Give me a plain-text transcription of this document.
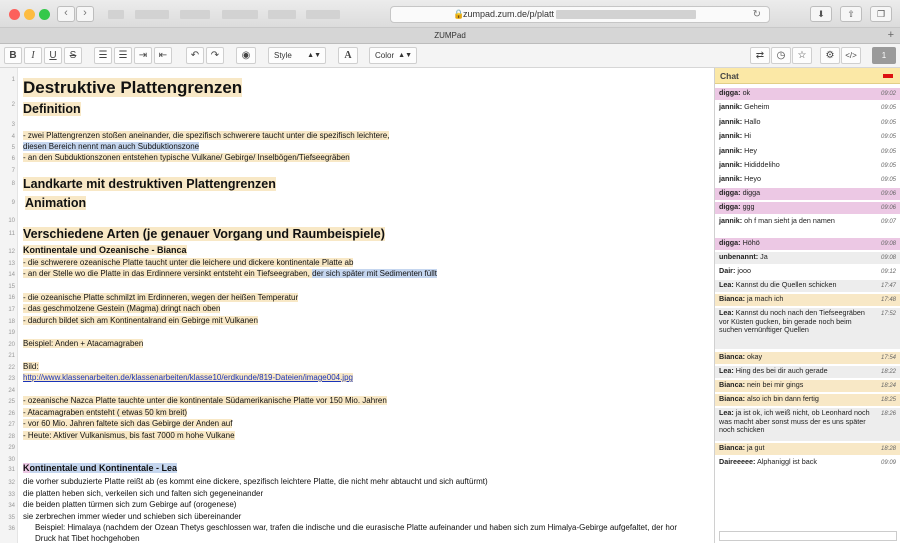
‹	›	🔒
zumpad.zum.de/p/platt	↻	⬇	⇧	❐
ZUMPad	+
B	I	U	S	☰	☰	⇥	⇤	↶	↷	◉	Style ▲▼	A	Color ▲▼	⇄	◷	☆	⚙	</>	1
1
2
3
4
5
6
7
8
9
10
11
12
13
14
15
16
17
18
19
20
21
22
23
24
25
26
27
28
29
30
31
32
33
34
35
36
Destruktive Plattengrenzen
Definition
- zwei Plattengrenzen stoßen aneinander, die spezifisch schwerere taucht unter die spezifisch leichtere,
diesen Bereich nennt man auch Subduktionszone
- an den Subduktionszonen entstehen typische Vulkane/ Gebirge/ Inselbögen/Tiefseegräben
Landkarte mit destruktiven Plattengrenzen
Animation
Verschiedene Arten (je genauer Vorgang und Raumbeispiele)
Kontinentale und Ozeanische - Bianca
- die schwerere ozeanische Platte taucht unter die leichere und dickere kontinentale Platte ab
- an der Stelle wo die Platte in das Erdinnere versinkt entsteht ein Tiefseegraben, der sich später mit Sedimenten füllt
- die ozeanische Platte schmilzt im Erdinneren, wegen der heißen Temperatur
- das geschmolzene Gestein (Magma) dringt nach oben
- dadurch bildet sich am Kontinentalrand ein Gebirge mit Vulkanen
Beispiel: Anden + Atacamagraben
Bild:
http://www.klassenarbeiten.de/klassenarbeiten/klasse10/erdkunde/819-Dateien/image004.jpg
- ozeanische Nazca Platte tauchte unter die kontinentale Südamerikanische Platte vor 150 Mio. Jahren
- Atacamagraben entsteht ( etwas 50 km breit)
- vor 60 Mio. Jahren faltete sich das Gebirge der Anden auf
- Heute: Aktiver Vulkanismus, bis fast 7000 m hohe Vulkane
Kontinentale und Kontinentale - Lea
die vorher subduzierte Platte reißt ab (es kommt eine dickere, spezifisch leichtere Platte, die nicht mehr abtaucht und sich auftürmt)
die platten heben sich, verkeilen sich und falten sich gegeneinander
die beiden platten türmen sich zum Gebirge auf (orogenese)
sie zerbrechen immer wieder und schieben sich übereinander
Beispiel: Himalaya (nachdem der Ozean Thetys geschlossen war, trafen die indische und die eurasische Platte aufeinander und haben sich zum Himalya-Gebirge aufgefaltet, der hor
Druck hat Tibet hochgehoben
Chat
digga: ok	09:02
jannik: Geheim	09:05
jannik: Hallo	09:05
jannik: Hi	09:05
jannik: Hey	09:05
jannik: Hididdeliho	09:05
jannik: Heyo	09:05
digga: digga	09:06
digga: ggg	09:06
jannik: oh f man sieht ja den namen	09:07
digga: Höhö	09:08
unbenannt: Ja	09:08
Dair: jooo	09:12
Lea: Kannst du die Quellen schicken	17:47
Bianca: ja mach ich	17:48
Lea: Kannst du noch nach den Tiefseegräben vor Küsten gucken, bin gerade noch beim suchen vernünftiger Quellen
17:52
Bianca: okay	17:54
Lea: Hing des bei dir auch gerade	18:22
Bianca: nein bei mir gings	18:24
Bianca: also ich bin dann fertig	18:25
Lea: ja ist ok, ich weiß nicht, ob Leonhard noch was macht aber sonst muss der es uns später noch schicken
18:26
Bianca: ja gut	18:28
Daireeeee: Alphaniggl ist back	09:09
